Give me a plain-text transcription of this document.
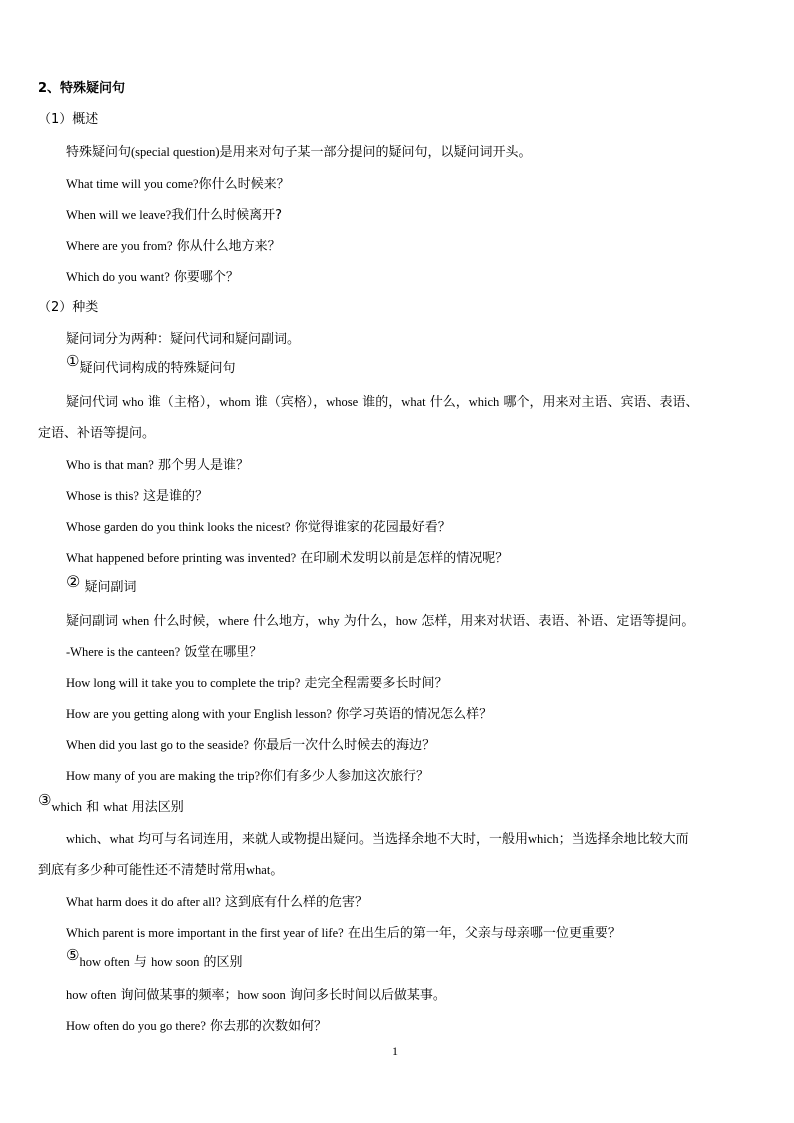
2、特殊疑问句
（1）概述
特殊疑问句(special question)是用来对句子某一部分提问的疑问句，以疑问词开头。
What time will you come?你什么时候来？
When will we leave?我们什么时候离开?
Where are you from? 你从什么地方来？
Which do you want? 你要哪个？
（2）种类
疑问词分为两种：疑问代词和疑问副词。
①疑问代词构成的特殊疑问句
疑问代词 who 谁（主格），whom 谁（宾格），whose 谁的，what 什么，which 哪个，用来对主语、宾语、表语、
定语、补语等提问。
Who is that man? 那个男人是谁？
Whose is this? 这是谁的？
Whose garden do you think looks the nicest? 你觉得谁家的花园最好看？
What happened before printing was invented? 在印刷术发明以前是怎样的情况呢？
② 疑问副词
疑问副词 when 什么时候，where 什么地方，why 为什么，how 怎样，用来对状语、表语、补语、定语等提问。
-Where is the canteen? 饭堂在哪里？
How long will it take you to complete the trip? 走完全程需要多长时间？
How are you getting along with your English lesson? 你学习英语的情况怎么样？
When did you last go to the seaside? 你最后一次什么时候去的海边？
How many of you are making the trip?你们有多少人参加这次旅行？
③which 和 what 用法区别
which、what 均可与名词连用，来就人或物提出疑问。当选择余地不大时，一般用which；当选择余地比较大而
到底有多少种可能性还不清楚时常用what。
What harm does it do after all? 这到底有什么样的危害？
Which parent is more important in the first year of life? 在出生后的第一年，父亲与母亲哪一位更重要？
⑤how often 与 how soon 的区别
how often 询问做某事的频率；how soon 询问多长时间以后做某事。
How often do you go there? 你去那的次数如何？
1
